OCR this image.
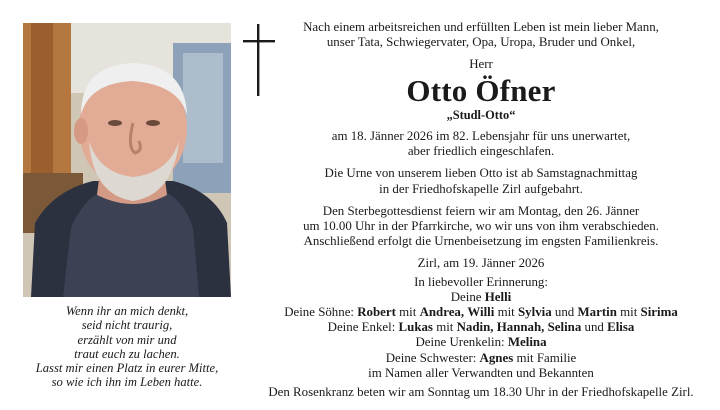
Wenn ihr an mich denkt,
seid nicht traurig,
erzählt von mir und
traut euch zu lachen.
Lasst mir einen Platz in eurer Mitte,
so wie ich ihn im Leben hatte.
Nach einem arbeitsreichen und erfüllten Leben ist mein lieber Mann,
unser Tata, Schwiegervater, Opa, Uropa, Bruder und Onkel,
Herr
Otto Öfner
„Studl-Otto“
am 18. Jänner 2026 im 82. Lebensjahr für uns unerwartet,
aber friedlich eingeschlafen.
Die Urne von unserem lieben Otto ist ab Samstagnachmittag
in der Friedhofskapelle Zirl aufgebahrt.
Den Sterbegottesdienst feiern wir am Montag, den 26. Jänner
um 10.00 Uhr in der Pfarrkirche, wo wir uns von ihm verabschieden.
Anschließend erfolgt die Urnenbeisetzung im engsten Familienkreis.
Zirl, am 19. Jänner 2026
In liebevoller Erinnerung:
Deine Helli
Deine Söhne: Robert mit Andrea, Willi mit Sylvia und Martin mit Sirima
Deine Enkel: Lukas mit Nadin, Hannah, Selina und Elisa
Deine Urenkelin: Melina
Deine Schwester: Agnes mit Familie
im Namen aller Verwandten und Bekannten
Den Rosenkranz beten wir am Sonntag um 18.30 Uhr in der Friedhofskapelle Zirl.
